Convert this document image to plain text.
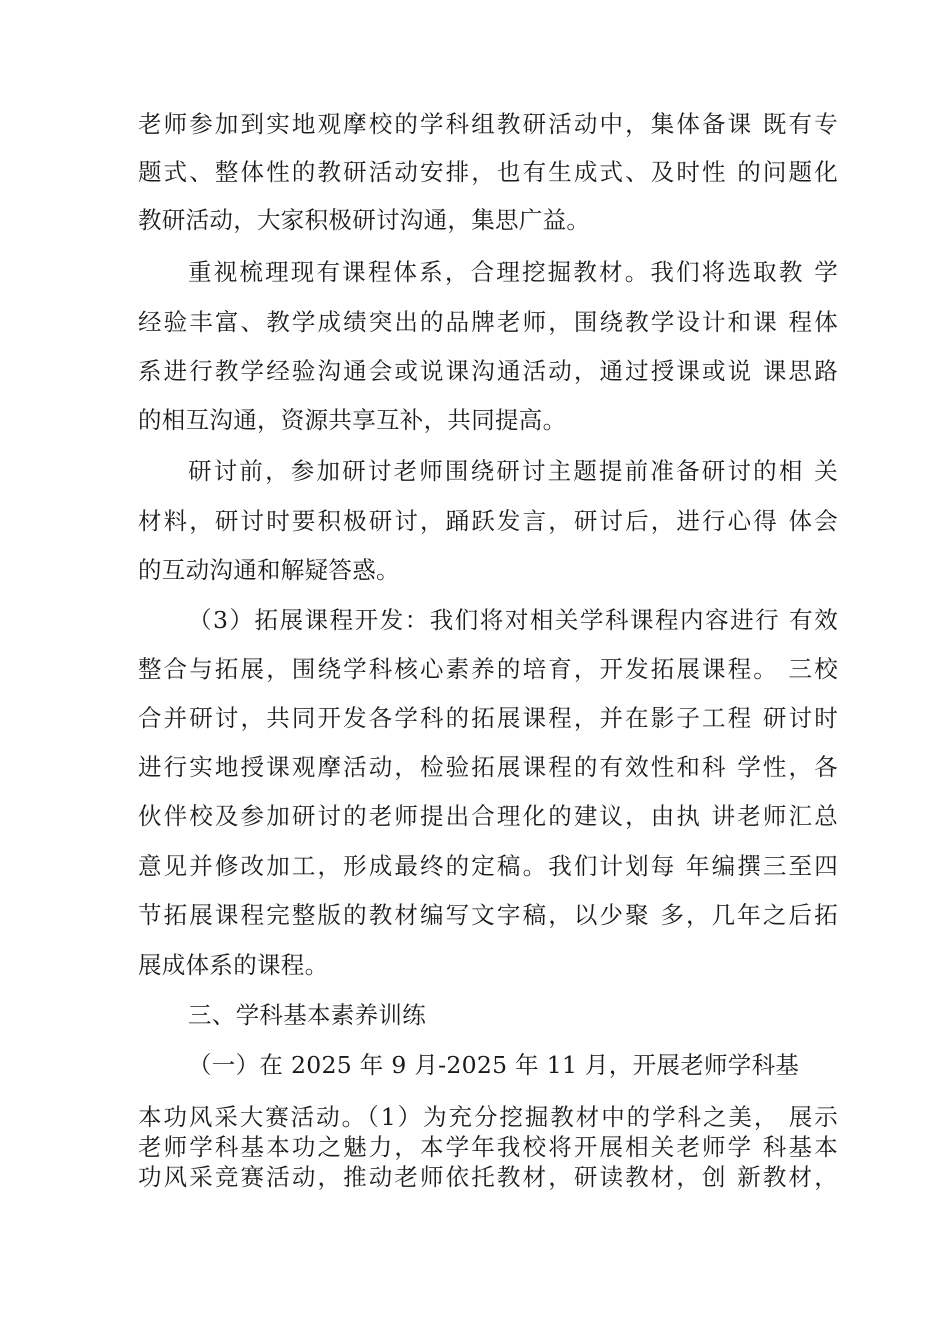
老师参加到实地观摩校的学科组教研活动中，集体备课 既有专
题式、整体性的教研活动安排，也有生成式、及时性 的问题化
教研活动，大家积极研讨沟通，集思广益。
重视梳理现有课程体系，合理挖掘教材。我们将选取教 学
经验丰富、教学成绩突出的品牌老师，围绕教学设计和课 程体
系进行教学经验沟通会或说课沟通活动，通过授课或说 课思路
的相互沟通，资源共享互补，共同提高。
研讨前，参加研讨老师围绕研讨主题提前准备研讨的相 关
材料，研讨时要积极研讨，踊跃发言，研讨后，进行心得 体会
的互动沟通和解疑答惑。
（3）拓展课程开发：我们将对相关学科课程内容进行 有效
整合与拓展，围绕学科核心素养的培育，开发拓展课程。 三校
合并研讨，共同开发各学科的拓展课程，并在影子工程 研讨时
进行实地授课观摩活动，检验拓展课程的有效性和科 学性，各
伙伴校及参加研讨的老师提出合理化的建议，由执 讲老师汇总
意见并修改加工，形成最终的定稿。我们计划每 年编撰三至四
节拓展课程完整版的教材编写文字稿，以少聚 多，几年之后拓
展成体系的课程。
三、学科基本素养训练
（一）在 2025 年 9 月-2025 年 11 月，开展老师学科基
本功风采大赛活动。（1）为充分挖掘教材中的学科之美， 展示
老师学科基本功之魅力，本学年我校将开展相关老师学 科基本
功风采竞赛活动，推动老师依托教材，研读教材，创 新教材，
